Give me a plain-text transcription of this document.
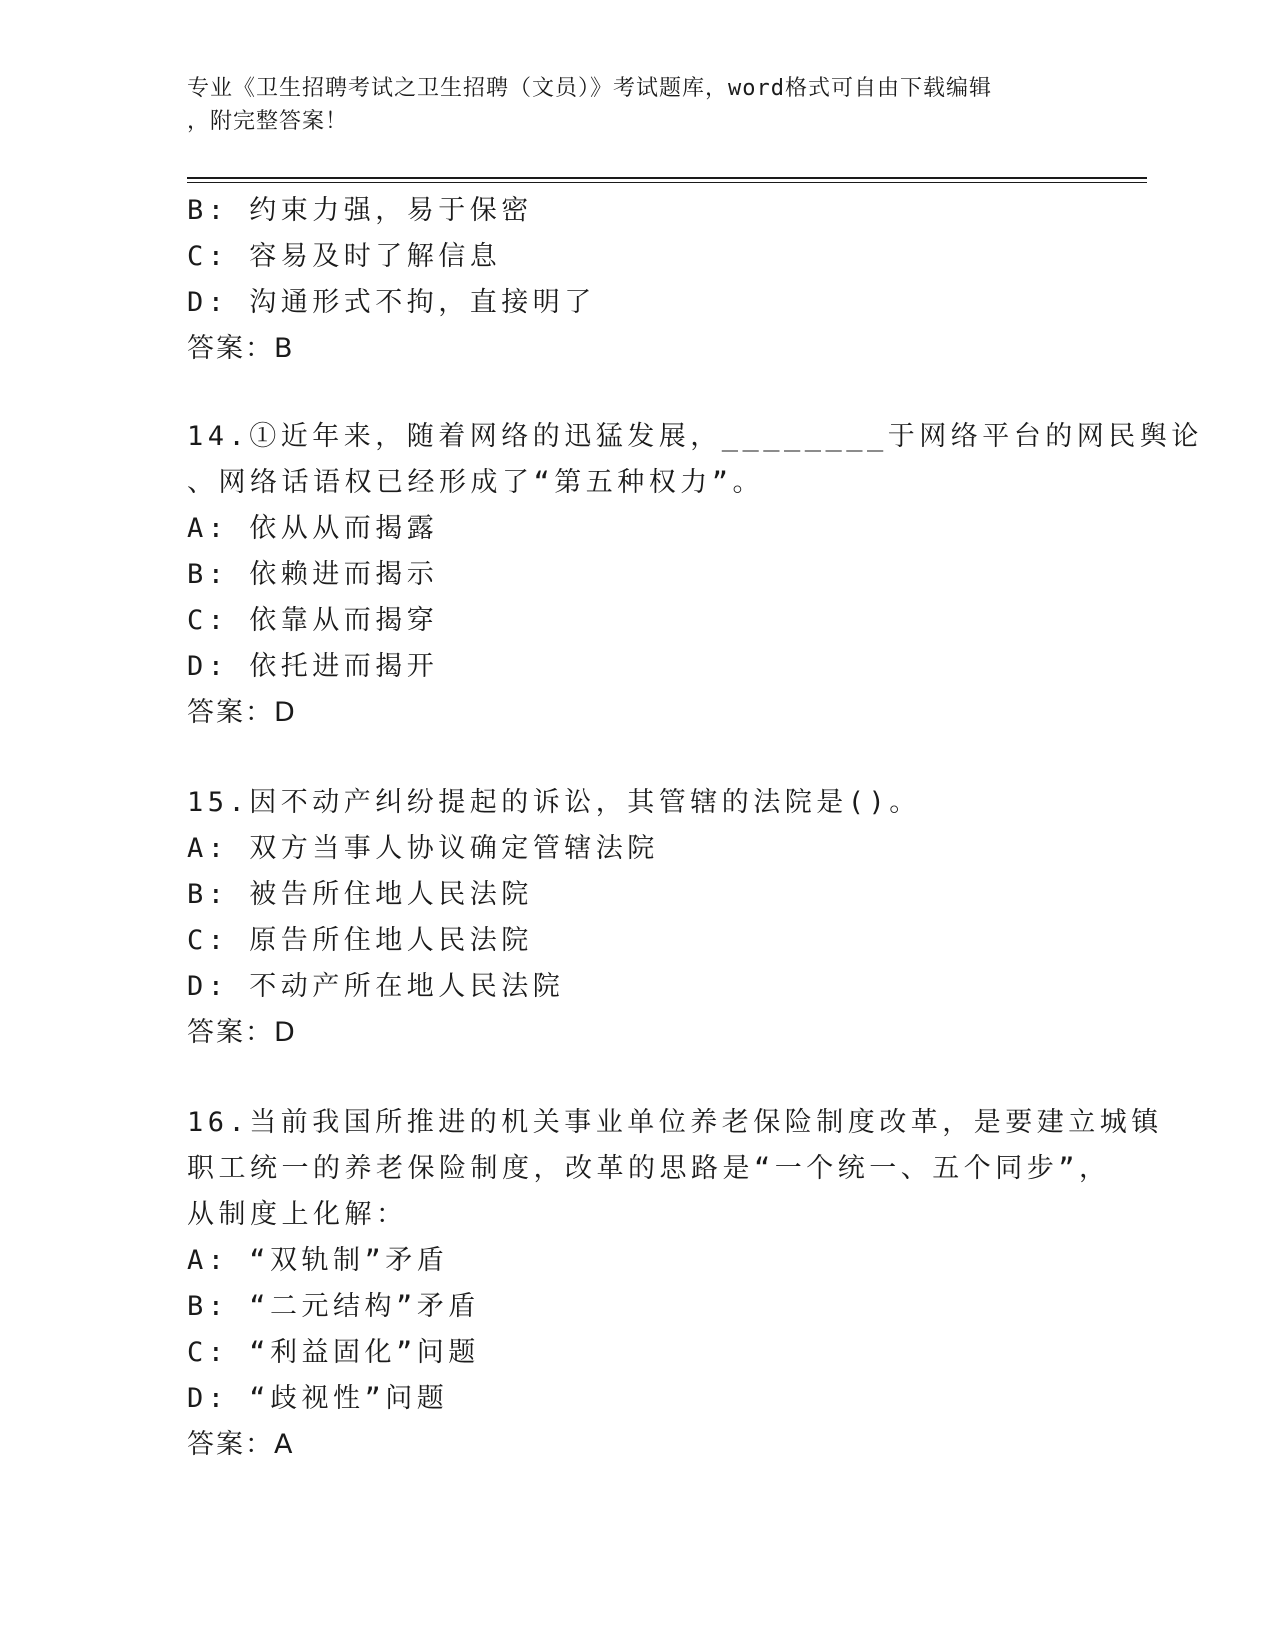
专业《卫生招聘考试之卫生招聘（文员）》考试题库，word格式可自由下载编辑
，附完整答案！
B: 约束力强，易于保密
C: 容易及时了解信息
D: 沟通形式不拘，直接明了
答案：B
14.①近年来，随着网络的迅猛发展，________于网络平台的网民舆论
、网络话语权已经形成了“第五种权力”。
A: 依从从而揭露
B: 依赖进而揭示
C: 依靠从而揭穿
D: 依托进而揭开
答案：D
15.因不动产纠纷提起的诉讼，其管辖的法院是()。
A: 双方当事人协议确定管辖法院
B: 被告所住地人民法院
C: 原告所住地人民法院
D: 不动产所在地人民法院
答案：D
16.当前我国所推进的机关事业单位养老保险制度改革，是要建立城镇
职工统一的养老保险制度，改革的思路是“一个统一、五个同步”，
从制度上化解：
A: “双轨制”矛盾
B: “二元结构”矛盾
C: “利益固化”问题
D: “歧视性”问题
答案：A
